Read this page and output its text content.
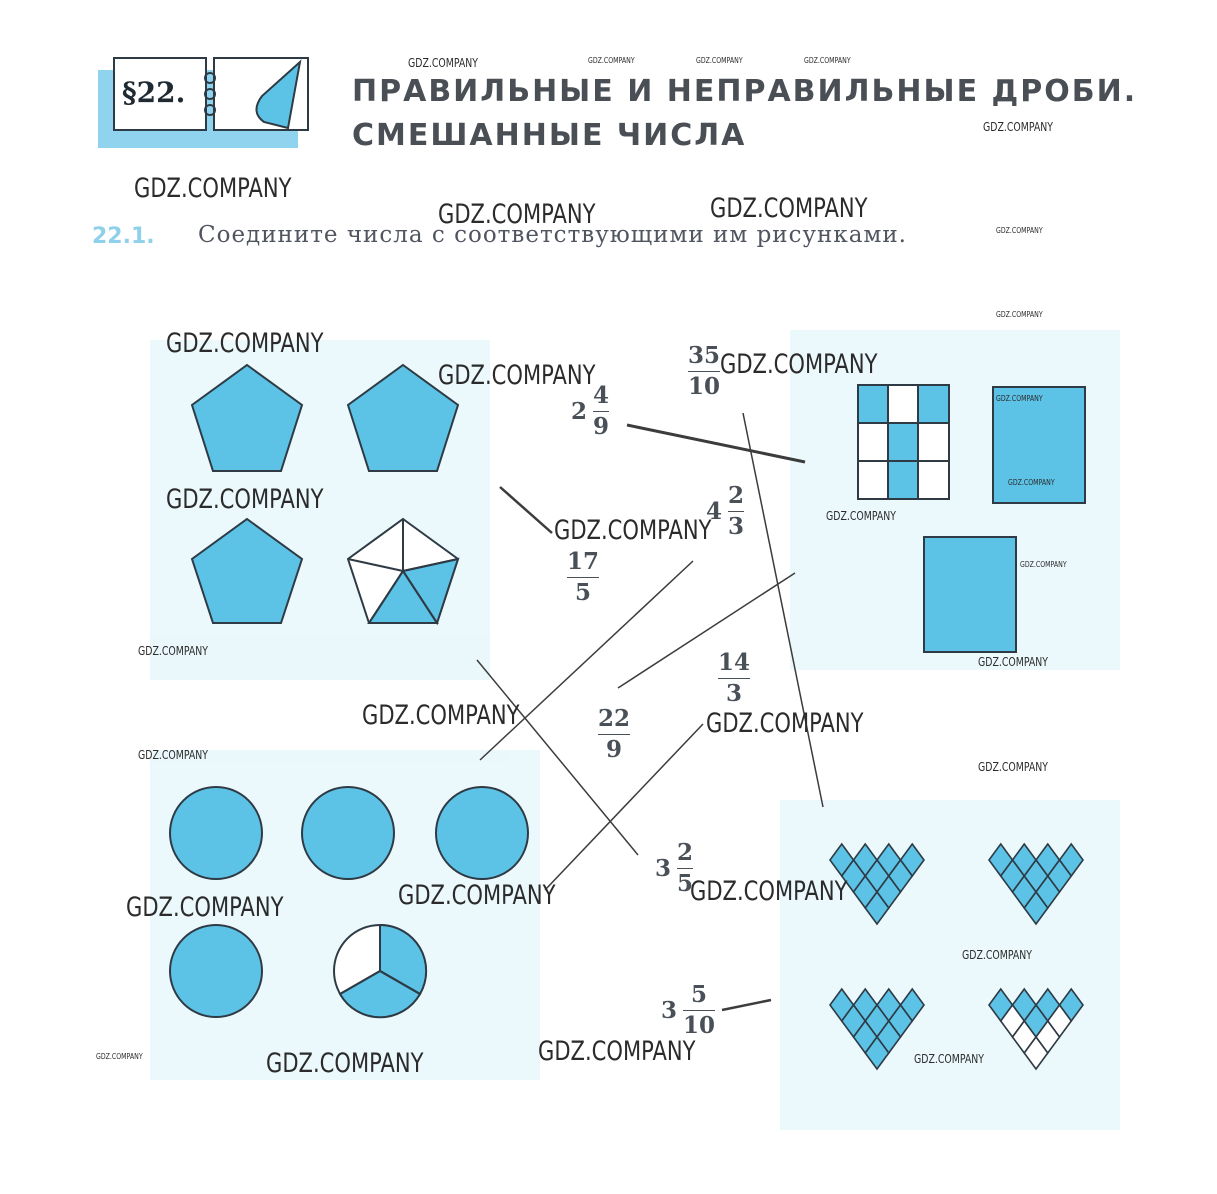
§22.	ПРАВИЛЬНЫЕ И НЕПРАВИЛЬНЫЕ ДРОБИ.
СМЕШАННЫЕ ЧИСЛА
22.1. Соедините числа с соответствующими им рисунками.
35
10
$2 \frac{4}{9}$
$4 \frac{2}{3}$
17
5
14
3
22
9
$3 \frac{2}{5}$
$3 \frac{5}{10}$
GDZ.COMPANY	GDZ.COMPANY	GDZ.COMPANY	GDZ.COMPANY
GDZ.COMPANY
GDZ.COMPANY
GDZ.COMPANY	GDZ.COMPANY
GDZ.COMPANY
GDZ.COMPANY
GDZ.COMPANY
GDZ.COMPANY
GDZ.COMPANY
GDZ.COMPANY
GDZ.COMPANY
GDZ.COMPANY
GDZ.COMPANY
GDZ.COMPANY
GDZ.COMPANY
GDZ.COMPANY
GDZ.COMPANY
GDZ.COMPANY	GDZ.COMPANY
GDZ.COMPANY
GDZ.COMPANY
GDZ.COMPANY	GDZ.COMPANY
GDZ.COMPANY
GDZ.COMPANY
GDZ.COMPANY
GDZ.COMPANY	GDZ.COMPANY
GDZ.COMPANY
